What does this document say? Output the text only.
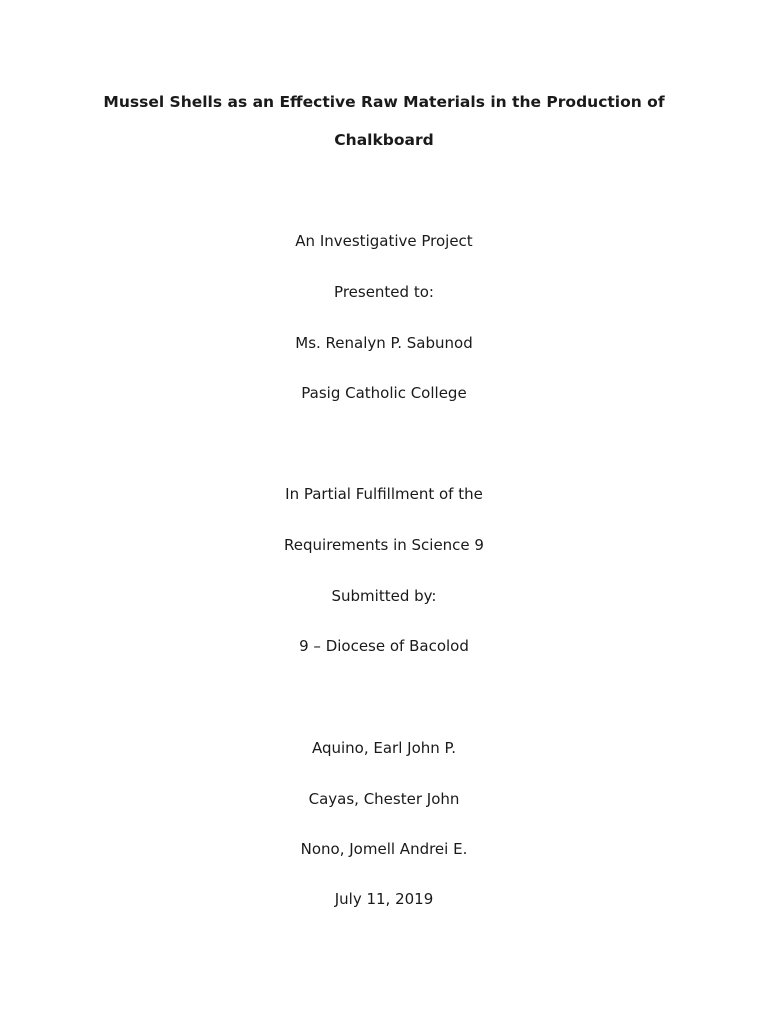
Mussel Shells as an Effective Raw Materials in the Production of
Chalkboard
An Investigative Project
Presented to:
Ms. Renalyn P. Sabunod
Pasig Catholic College
In Partial Fulfillment of the
Requirements in Science 9
Submitted by:
9 – Diocese of Bacolod
Aquino, Earl John P.
Cayas, Chester John
Nono, Jomell Andrei E.
July 11, 2019
